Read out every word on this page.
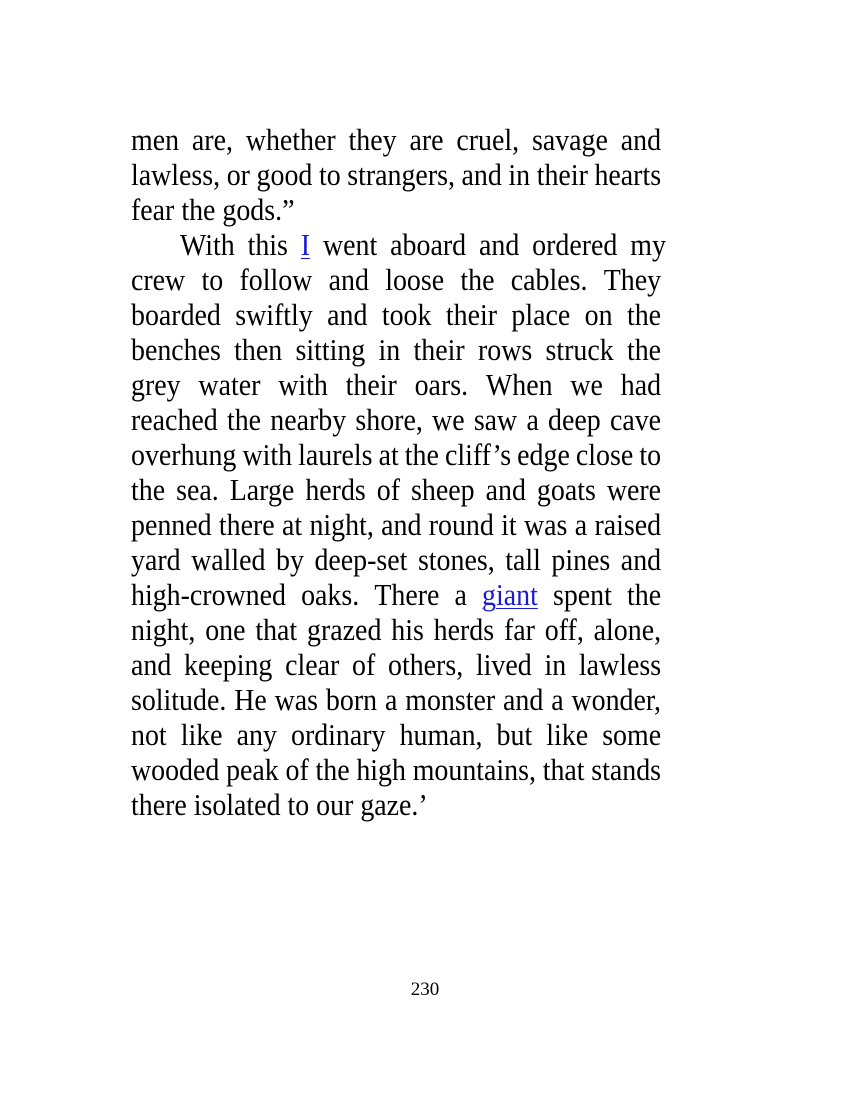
men are, whether they are cruel, savage and
lawless, or good to strangers, and in their hearts
fear the gods.”
With this I went aboard and ordered my
crew to follow and loose the cables. They
boarded swiftly and took their place on the
benches then sitting in their rows struck the
grey water with their oars. When we had
reached the nearby shore, we saw a deep cave
overhung with laurels at the cliff’s edge close to
the sea. Large herds of sheep and goats were
penned there at night, and round it was a raised
yard walled by deep-set stones, tall pines and
high-crowned oaks. There a giant spent the
night, one that grazed his herds far off, alone,
and keeping clear of others, lived in lawless
solitude. He was born a monster and a wonder,
not like any ordinary human, but like some
wooded peak of the high mountains, that stands
there isolated to our gaze.’
230
